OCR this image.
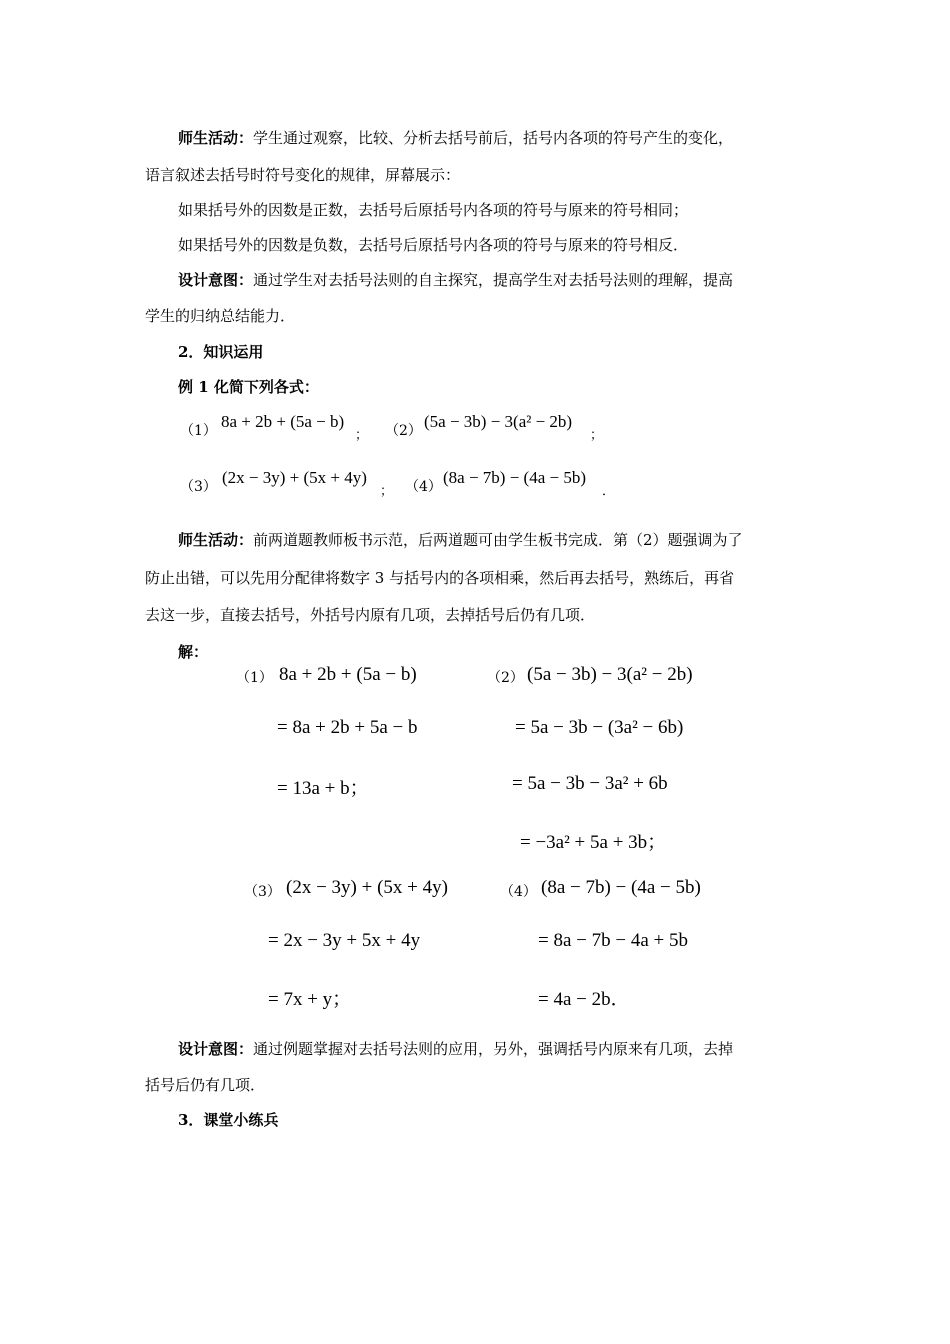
师生活动：学生通过观察，比较、分析去括号前后，括号内各项的符号产生的变化，
语言叙述去括号时符号变化的规律，屏幕展示：
如果括号外的因数是正数，去括号后原括号内各项的符号与原来的符号相同；
如果括号外的因数是负数，去括号后原括号内各项的符号与原来的符号相反．
设计意图：通过学生对去括号法则的自主探究，提高学生对去括号法则的理解，提高
学生的归纳总结能力．
2．知识运用
例 1 化简下列各式：
（1） 8a + 2b + (5a − b)
； （2） (5a − 3b) − 3(a² − 2b)
；
（3） (2x − 3y) + (5x + 4y)
； （4） (8a − 7b) − (4a − 5b)
．
师生活动：前两道题教师板书示范，后两道题可由学生板书完成．第（2）题强调为了
防止出错，可以先用分配律将数字 3 与括号内的各项相乘，然后再去括号，熟练后，再省
去这一步，直接去括号，外括号内原有几项，去掉括号后仍有几项．
解：
（1） 8a + 2b + (5a − b)
= 8a + 2b + 5a − b
= 13a + b；
（2） (5a − 3b) − 3(a² − 2b)
= 5a − 3b − (3a² − 6b)
= 5a − 3b − 3a² + 6b
= −3a² + 5a + 3b；
（3） (2x − 3y) + (5x + 4y)
= 2x − 3y + 5x + 4y
= 7x + y；
（4） (8a − 7b) − (4a − 5b)
= 8a − 7b − 4a + 5b
= 4a − 2b．
设计意图：通过例题掌握对去括号法则的应用，另外，强调括号内原来有几项，去掉
括号后仍有几项．
3．课堂小练兵
